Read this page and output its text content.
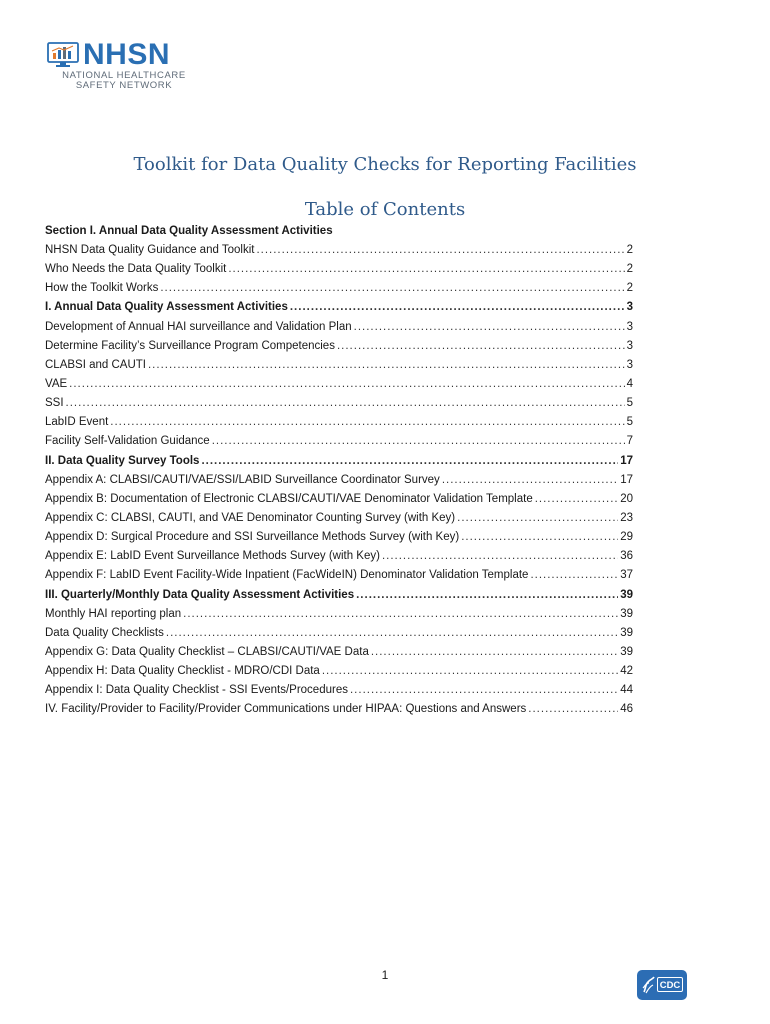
NHSN
NATIONAL HEALTHCARE
SAFETY NETWORK
Toolkit for Data Quality Checks for Reporting Facilities
Table of Contents
Section I. Annual Data Quality Assessment Activities
NHSN Data Quality Guidance and Toolkit .....	2
Who Needs the Data Quality Toolkit .....	2
How the Toolkit Works .....	2
I. Annual Data Quality Assessment Activities .....	3
Development of Annual HAI surveillance and Validation Plan .....	3
Determine Facility’s Surveillance Program Competencies .....	3
CLABSI and CAUTI .....	3
VAE .....	4
SSI .....	5
LabID Event .....	5
Facility Self-Validation Guidance .....	7
II. Data Quality Survey Tools .....	17
Appendix A: CLABSI/CAUTI/VAE/SSI/LABID Surveillance Coordinator Survey .....	17
Appendix B: Documentation of Electronic CLABSI/CAUTI/VAE Denominator Validation Template .....	20
Appendix C: CLABSI, CAUTI, and VAE Denominator Counting Survey (with Key) .....	23
Appendix D: Surgical Procedure and SSI Surveillance Methods Survey (with Key) .....	29
Appendix E: LabID Event Surveillance Methods Survey (with Key) .....	36
Appendix F: LabID Event Facility-Wide Inpatient (FacWideIN) Denominator Validation Template .....	37
III. Quarterly/Monthly Data Quality Assessment Activities .....	39
Monthly HAI reporting plan .....	39
Data Quality Checklists .....	39
Appendix G: Data Quality Checklist – CLABSI/CAUTI/VAE Data .....	39
Appendix H: Data Quality Checklist - MDRO/CDI Data .....	42
Appendix I: Data Quality Checklist - SSI Events/Procedures .....	44
IV. Facility/Provider to Facility/Provider Communications under HIPAA: Questions and Answers .....	46
1
CDC
